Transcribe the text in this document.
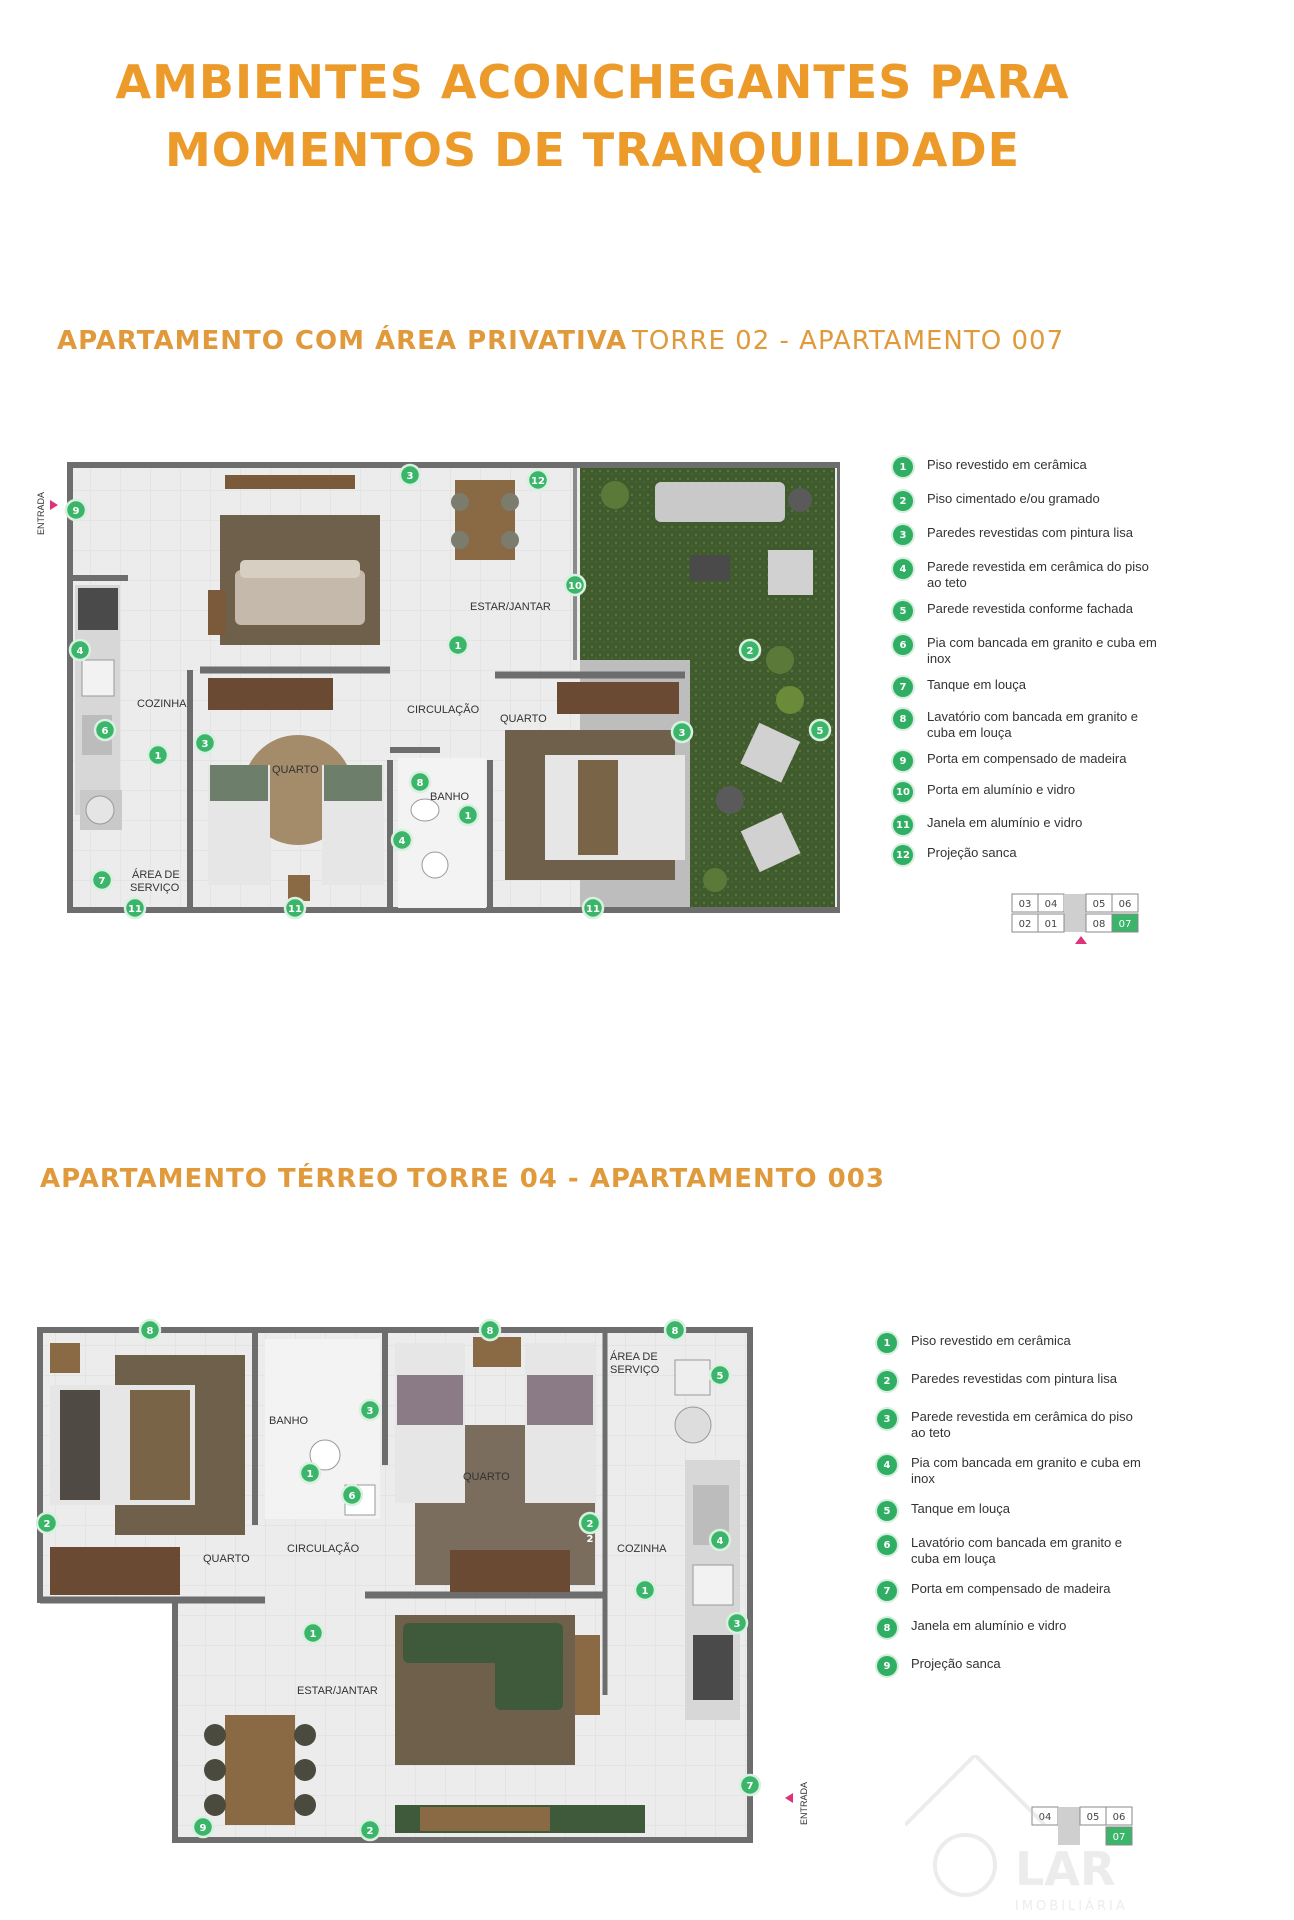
AMBIENTES ACONCHEGANTES PARA
MOMENTOS DE TRANQUILIDADE
APARTAMENTO COM ÁREA PRIVATIVA TORRE 02 - APARTAMENTO 007
ESTAR/JANTAR
COZINHA	CIRCULAÇÃO
QUARTO
QUARTO
BANHO
ÁREA DE
SERVIÇO
ENTRADA	9
3	12
10
4	1	2
6
1
3
8
1
4
3	5
7
11	11	11
1	Piso revestido em cerâmica
2	Piso cimentado e/ou gramado
3	Paredes revestidas com pintura lisa
4	Parede revestida em cerâmica do piso ao teto
5	Parede revestida conforme fachada
6	Pia com bancada em granito e cuba em inox
7	Tanque em louça
8	Lavatório com bancada em granito e cuba em louça
9	Porta em compensado de madeira
10 Porta em alumínio e vidro
11 Janela em alumínio e vidro
12 Projeção sanca
03 04	05 06
02 01	08 07
APARTAMENTO TÉRREO TORRE 04 - APARTAMENTO 003
BANHO
QUARTO
QUARTO
CIRCULAÇÃO	COZINHA
ESTAR/JANTAR
ÁREA DE
SERVIÇO
ENTRADA
8	8	8
3
2
1
6
2
5
4
3
1
2
1
7
9	2
1	Piso revestido em cerâmica
2	Paredes revestidas com pintura lisa
3	Parede revestida em cerâmica do piso ao teto
4	Pia com bancada em granito e cuba em inox
5	Tanque em louça
6	Lavatório com bancada em granito e cuba em louça
7	Porta em compensado de madeira
8	Janela em alumínio e vidro
9	Projeção sanca
04	05 06
07
LAR
IMOBILIÁRIA
